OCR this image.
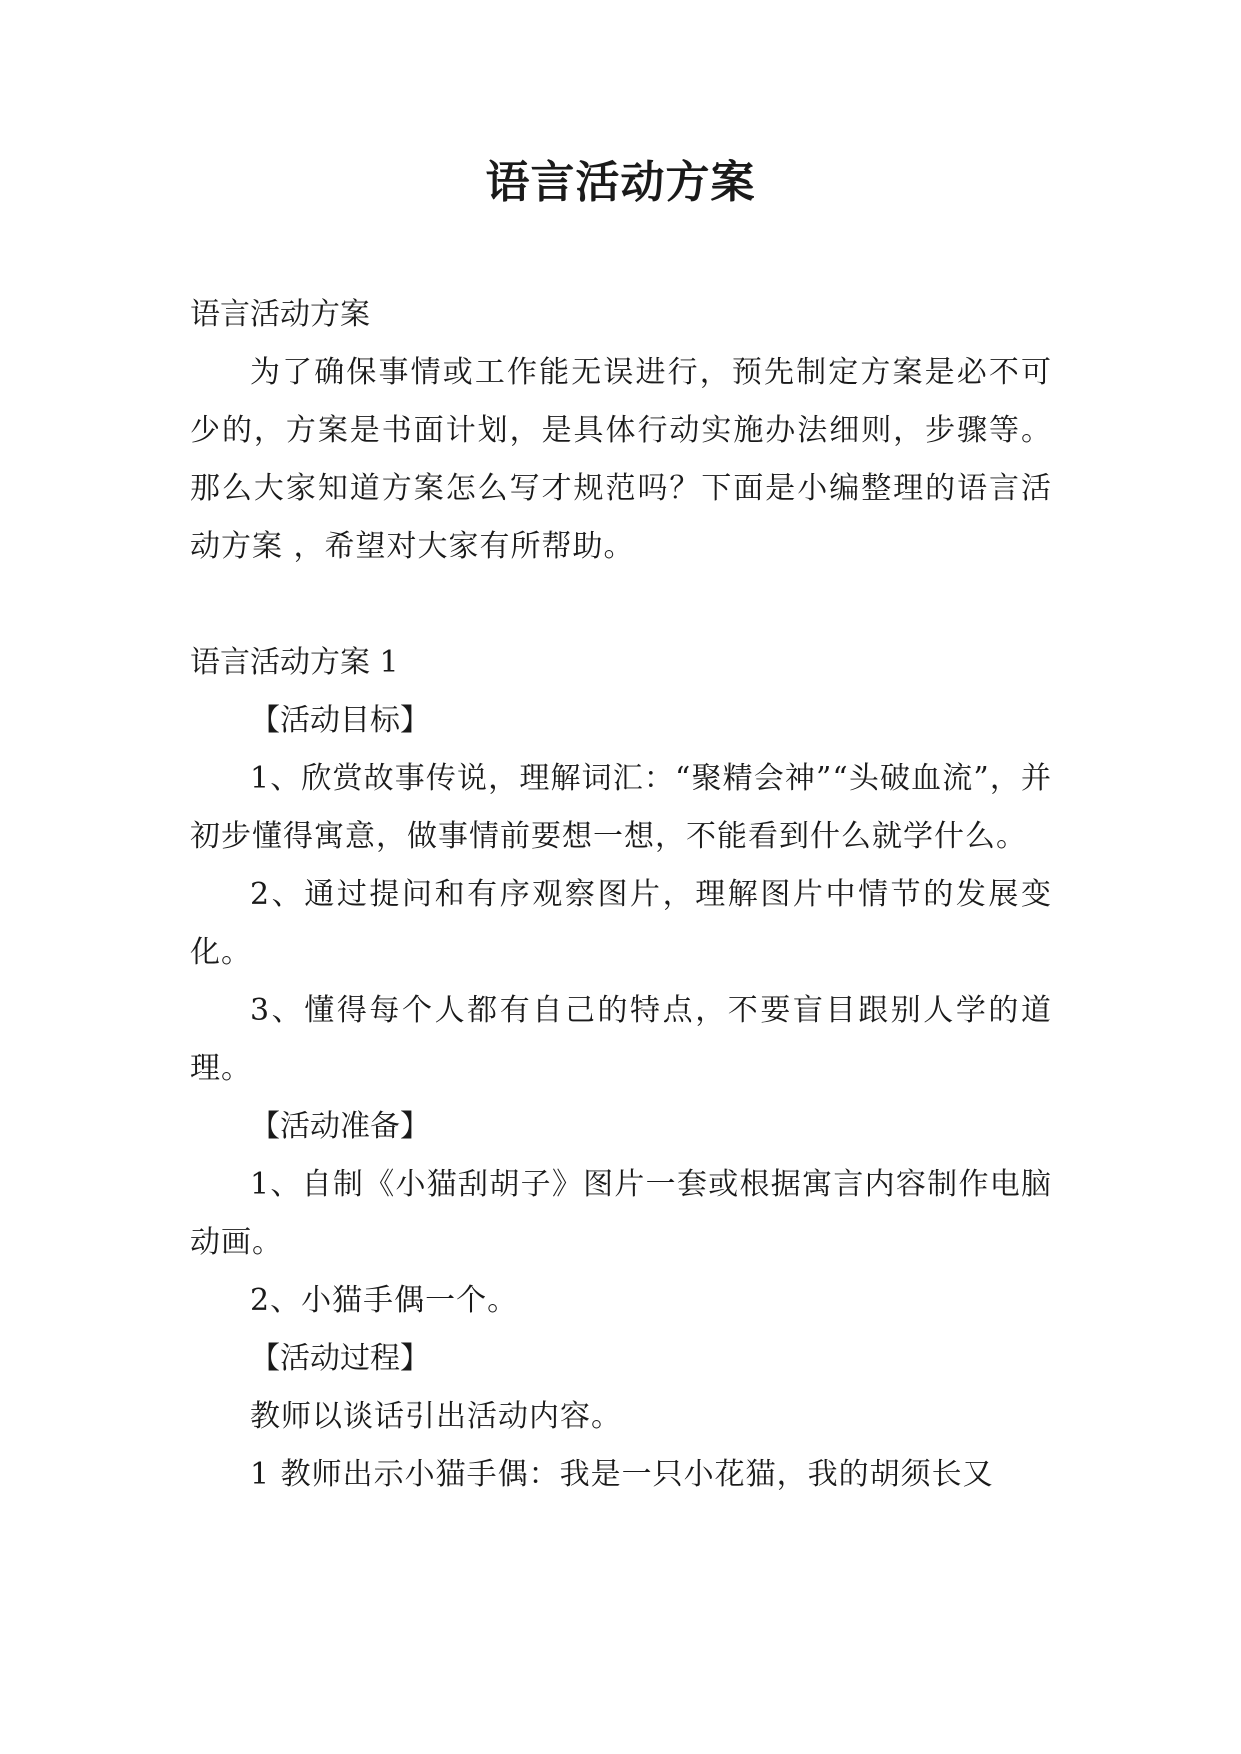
语言活动方案

语言活动方案

为了确保事情或工作能无误进行，预先制定方案是必不可少的，方案是书面计划，是具体行动实施办法细则，步骤等。那么大家知道方案怎么写才规范吗？下面是小编整理的语言活动方案 ，希望对大家有所帮助。

语言活动方案 1

【活动目标】

1、欣赏故事传说，理解词汇：“聚精会神”“头破血流”，并初步懂得寓意，做事情前要想一想，不能看到什么就学什么。

2、通过提问和有序观察图片，理解图片中情节的发展变化。

3、懂得每个人都有自己的特点，不要盲目跟别人学的道理。

【活动准备】

1、自制《小猫刮胡子》图片一套或根据寓言内容制作电脑动画。

2、小猫手偶一个。

【活动过程】

教师以谈话引出活动内容。

1 教师出示小猫手偶：我是一只小花猫，我的胡须长又
